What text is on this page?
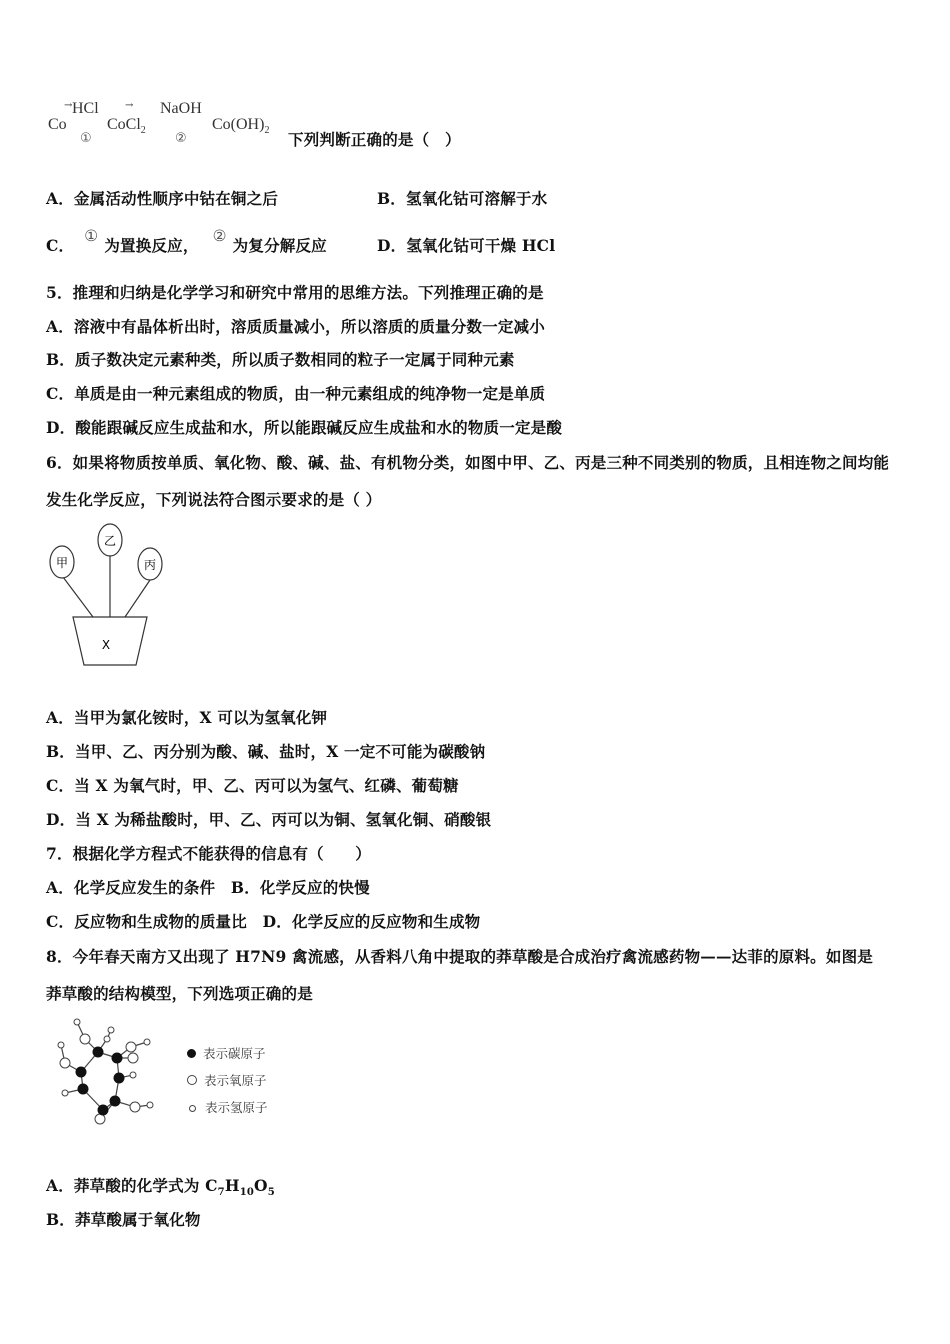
Co
→ HCl
①
CoCl$_2$
→ NaOH
②
$Co(OH)_2$ 下列判断正确的是（　）
A．金属活动性顺序中钴在铜之后	B．氢氧化钴可溶解于水
C． ① 为置换反应， ② 为复分解反应	D．氢氧化钴可干燥 HCl
5．推理和归纳是化学学习和研究中常用的思维方法。下列推理正确的是
A．溶液中有晶体析出时，溶质质量减小，所以溶质的质量分数一定减小
B．质子数决定元素种类，所以质子数相同的粒子一定属于同种元素
C．单质是由一种元素组成的物质，由一种元素组成的纯净物一定是单质
D．酸能跟碱反应生成盐和水，所以能跟碱反应生成盐和水的物质一定是酸
6．如果将物质按单质、氧化物、酸、碱、盐、有机物分类，如图中甲、乙、丙是三种不同类别的物质，且相连物之间均能
发生化学反应，下列说法符合图示要求的是（ ）
甲
乙
丙
X
A．当甲为氯化铵时，X 可以为氢氧化钾
B．当甲、乙、丙分别为酸、碱、盐时，X 一定不可能为碳酸钠
C．当 X 为氧气时，甲、乙、丙可以为氢气、红磷、葡萄糖
D．当 X 为稀盐酸时，甲、乙、丙可以为铜、氢氧化铜、硝酸银
7．根据化学方程式不能获得的信息有（　　）
A．化学反应发生的条件　B．化学反应的快慢
C．反应物和生成物的质量比　D．化学反应的反应物和生成物
8．今年春天南方又出现了 H7N9 禽流感，从香料八角中提取的莽草酸是合成治疗禽流感药物——达菲的原料。如图是
莽草酸的结构模型，下列选项正确的是
表示碳原子
表示氧原子
表示氢原子
A．莽草酸的化学式为 $C_7H_{10}O_5$
B．莽草酸属于氧化物
